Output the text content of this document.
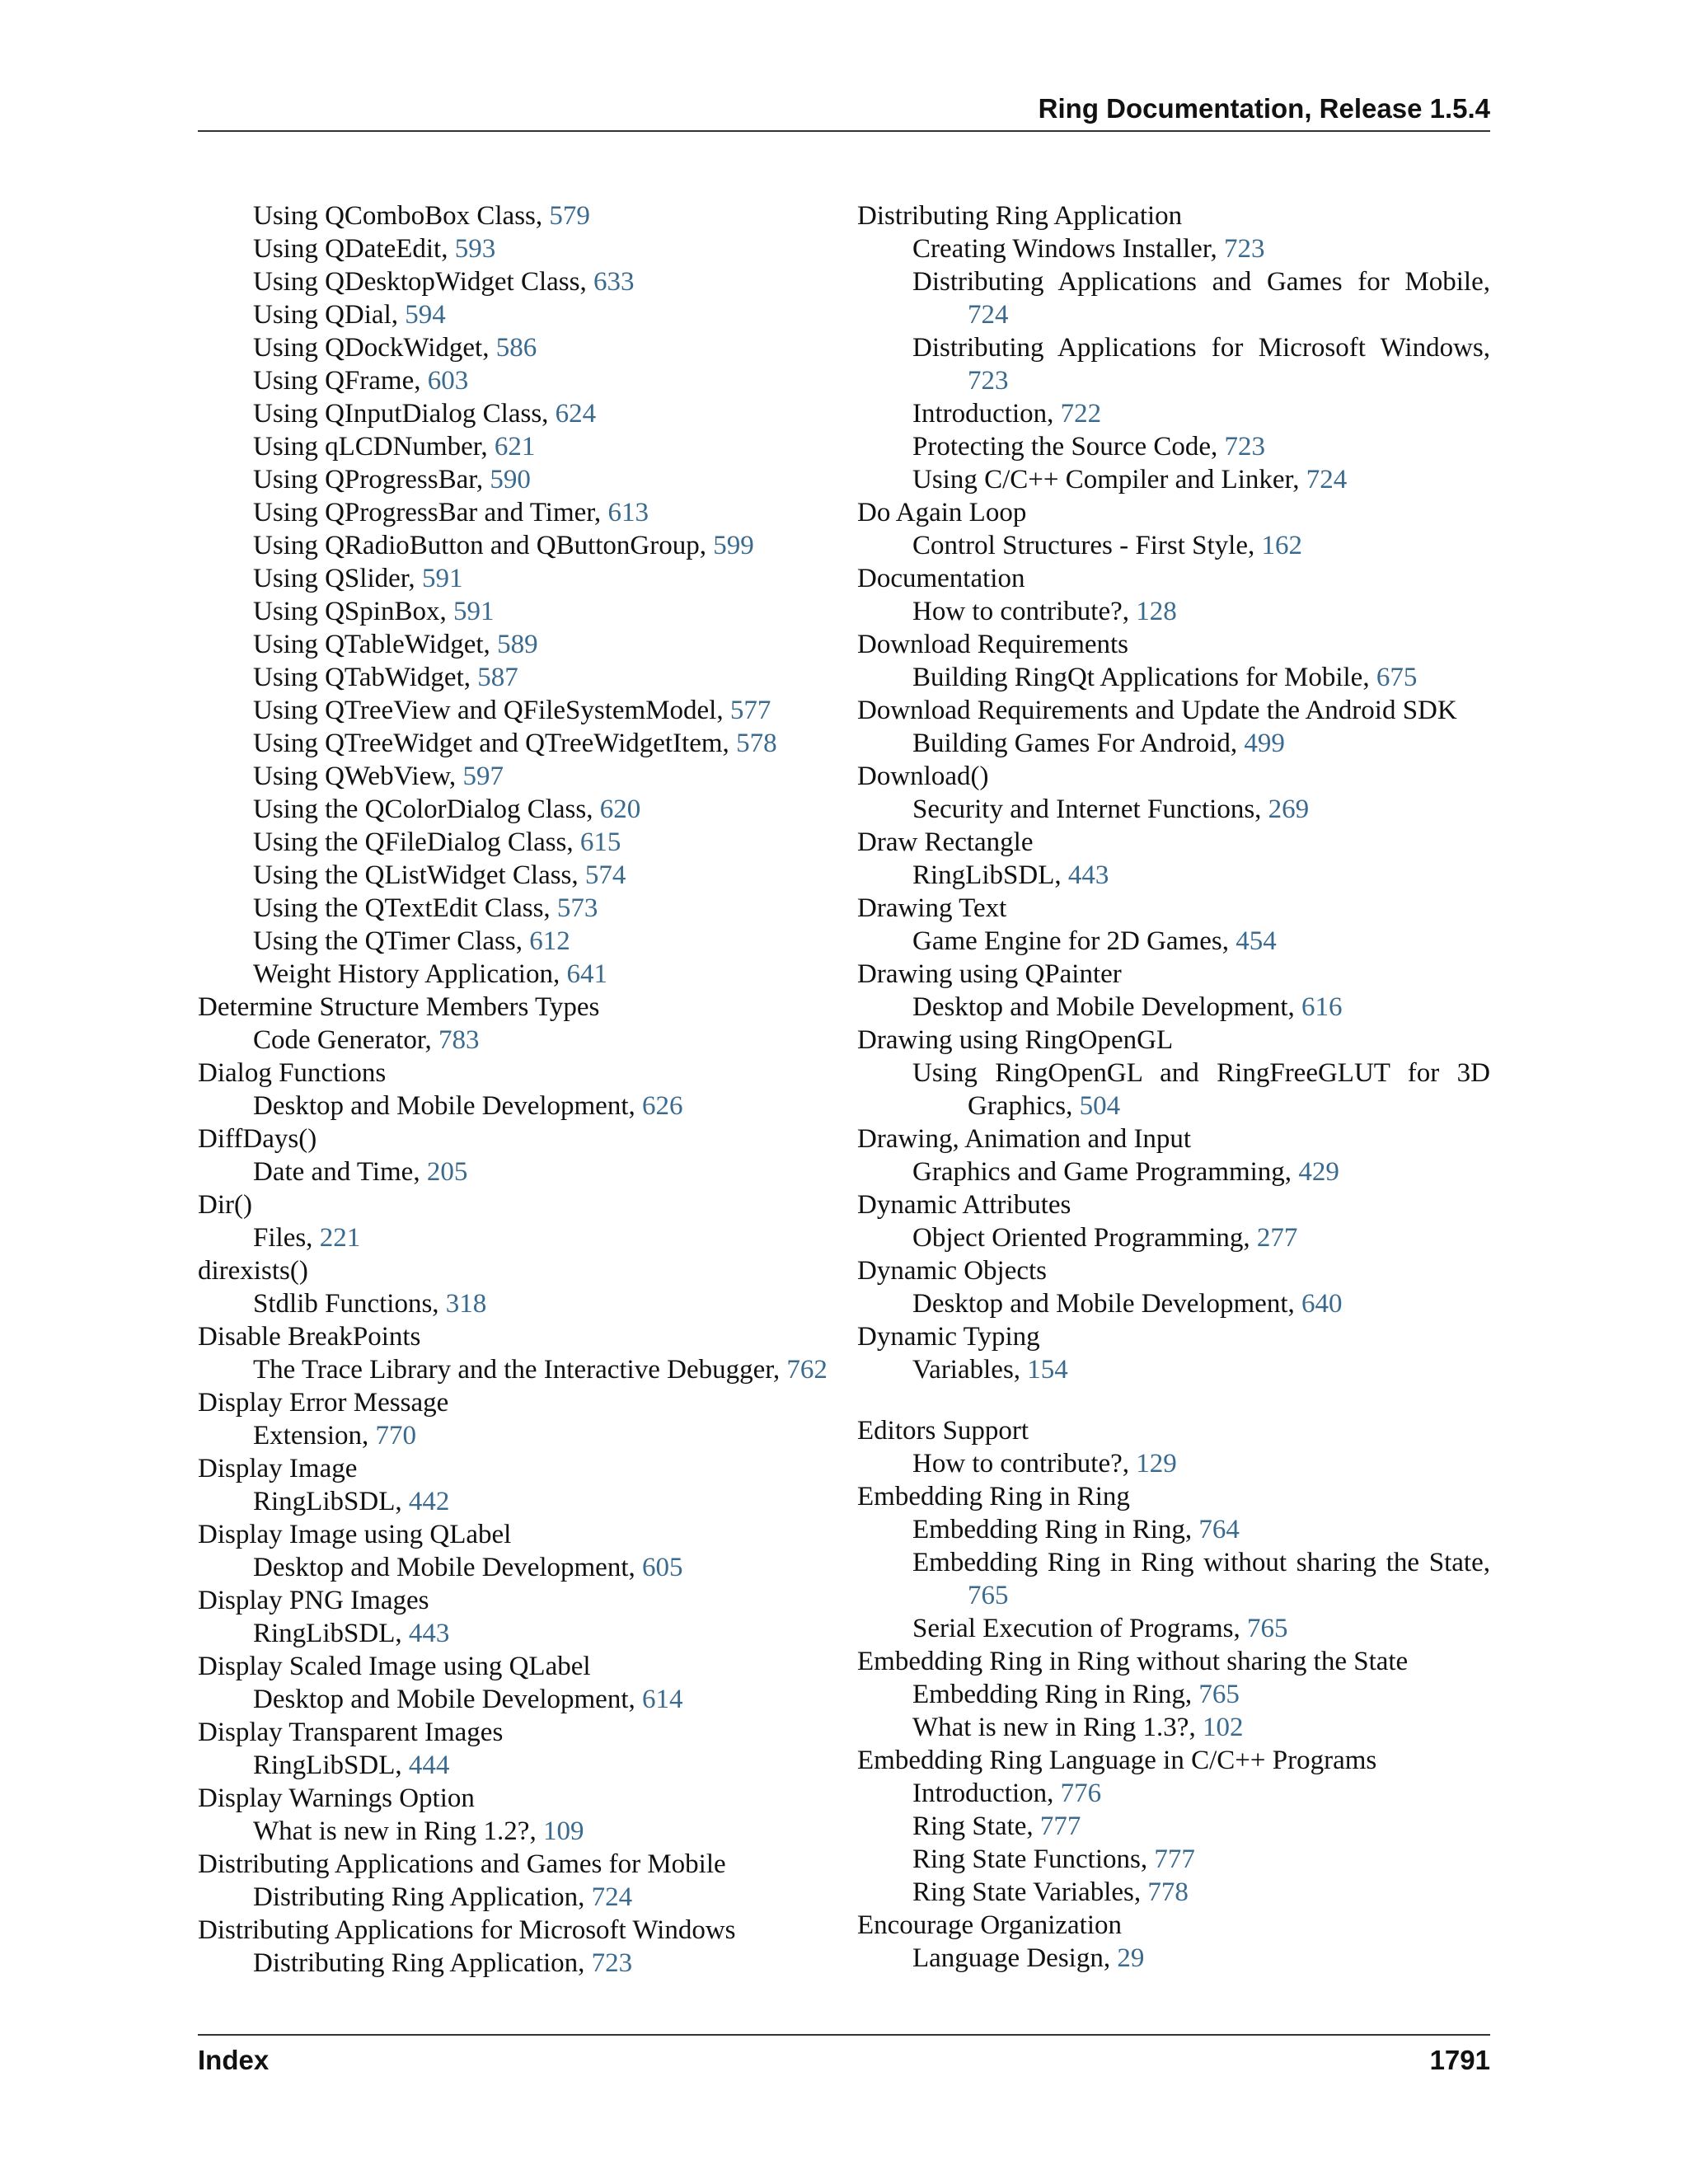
Ring Documentation, Release 1.5.4
Using QComboBox Class, 579
Using QDateEdit, 593
Using QDesktopWidget Class, 633
Using QDial, 594
Using QDockWidget, 586
Using QFrame, 603
Using QInputDialog Class, 624
Using qLCDNumber, 621
Using QProgressBar, 590
Using QProgressBar and Timer, 613
Using QRadioButton and QButtonGroup, 599
Using QSlider, 591
Using QSpinBox, 591
Using QTableWidget, 589
Using QTabWidget, 587
Using QTreeView and QFileSystemModel, 577
Using QTreeWidget and QTreeWidgetItem, 578
Using QWebView, 597
Using the QColorDialog Class, 620
Using the QFileDialog Class, 615
Using the QListWidget Class, 574
Using the QTextEdit Class, 573
Using the QTimer Class, 612
Weight History Application, 641
Determine Structure Members Types
Code Generator, 783
Dialog Functions
Desktop and Mobile Development, 626
DiffDays()
Date and Time, 205
Dir()
Files, 221
direxists()
Stdlib Functions, 318
Disable BreakPoints
The Trace Library and the Interactive Debugger, 762
Display Error Message
Extension, 770
Display Image
RingLibSDL, 442
Display Image using QLabel
Desktop and Mobile Development, 605
Display PNG Images
RingLibSDL, 443
Display Scaled Image using QLabel
Desktop and Mobile Development, 614
Display Transparent Images
RingLibSDL, 444
Display Warnings Option
What is new in Ring 1.2?, 109
Distributing Applications and Games for Mobile
Distributing Ring Application, 724
Distributing Applications for Microsoft Windows
Distributing Ring Application, 723
Distributing Ring Application
Creating Windows Installer, 723
Distributing Applications and Games for Mobile, 724
Distributing Applications for Microsoft Windows, 723
Introduction, 722
Protecting the Source Code, 723
Using C/C++ Compiler and Linker, 724
Do Again Loop
Control Structures - First Style, 162
Documentation
How to contribute?, 128
Download Requirements
Building RingQt Applications for Mobile, 675
Download Requirements and Update the Android SDK
Building Games For Android, 499
Download()
Security and Internet Functions, 269
Draw Rectangle
RingLibSDL, 443
Drawing Text
Game Engine for 2D Games, 454
Drawing using QPainter
Desktop and Mobile Development, 616
Drawing using RingOpenGL
Using RingOpenGL and RingFreeGLUT for 3D Graphics, 504
Drawing, Animation and Input
Graphics and Game Programming, 429
Dynamic Attributes
Object Oriented Programming, 277
Dynamic Objects
Desktop and Mobile Development, 640
Dynamic Typing
Variables, 154
Editors Support
How to contribute?, 129
Embedding Ring in Ring
Embedding Ring in Ring, 764
Embedding Ring in Ring without sharing the State, 765
Serial Execution of Programs, 765
Embedding Ring in Ring without sharing the State
Embedding Ring in Ring, 765
What is new in Ring 1.3?, 102
Embedding Ring Language in C/C++ Programs
Introduction, 776
Ring State, 777
Ring State Functions, 777
Ring State Variables, 778
Encourage Organization
Language Design, 29
Index	1791
